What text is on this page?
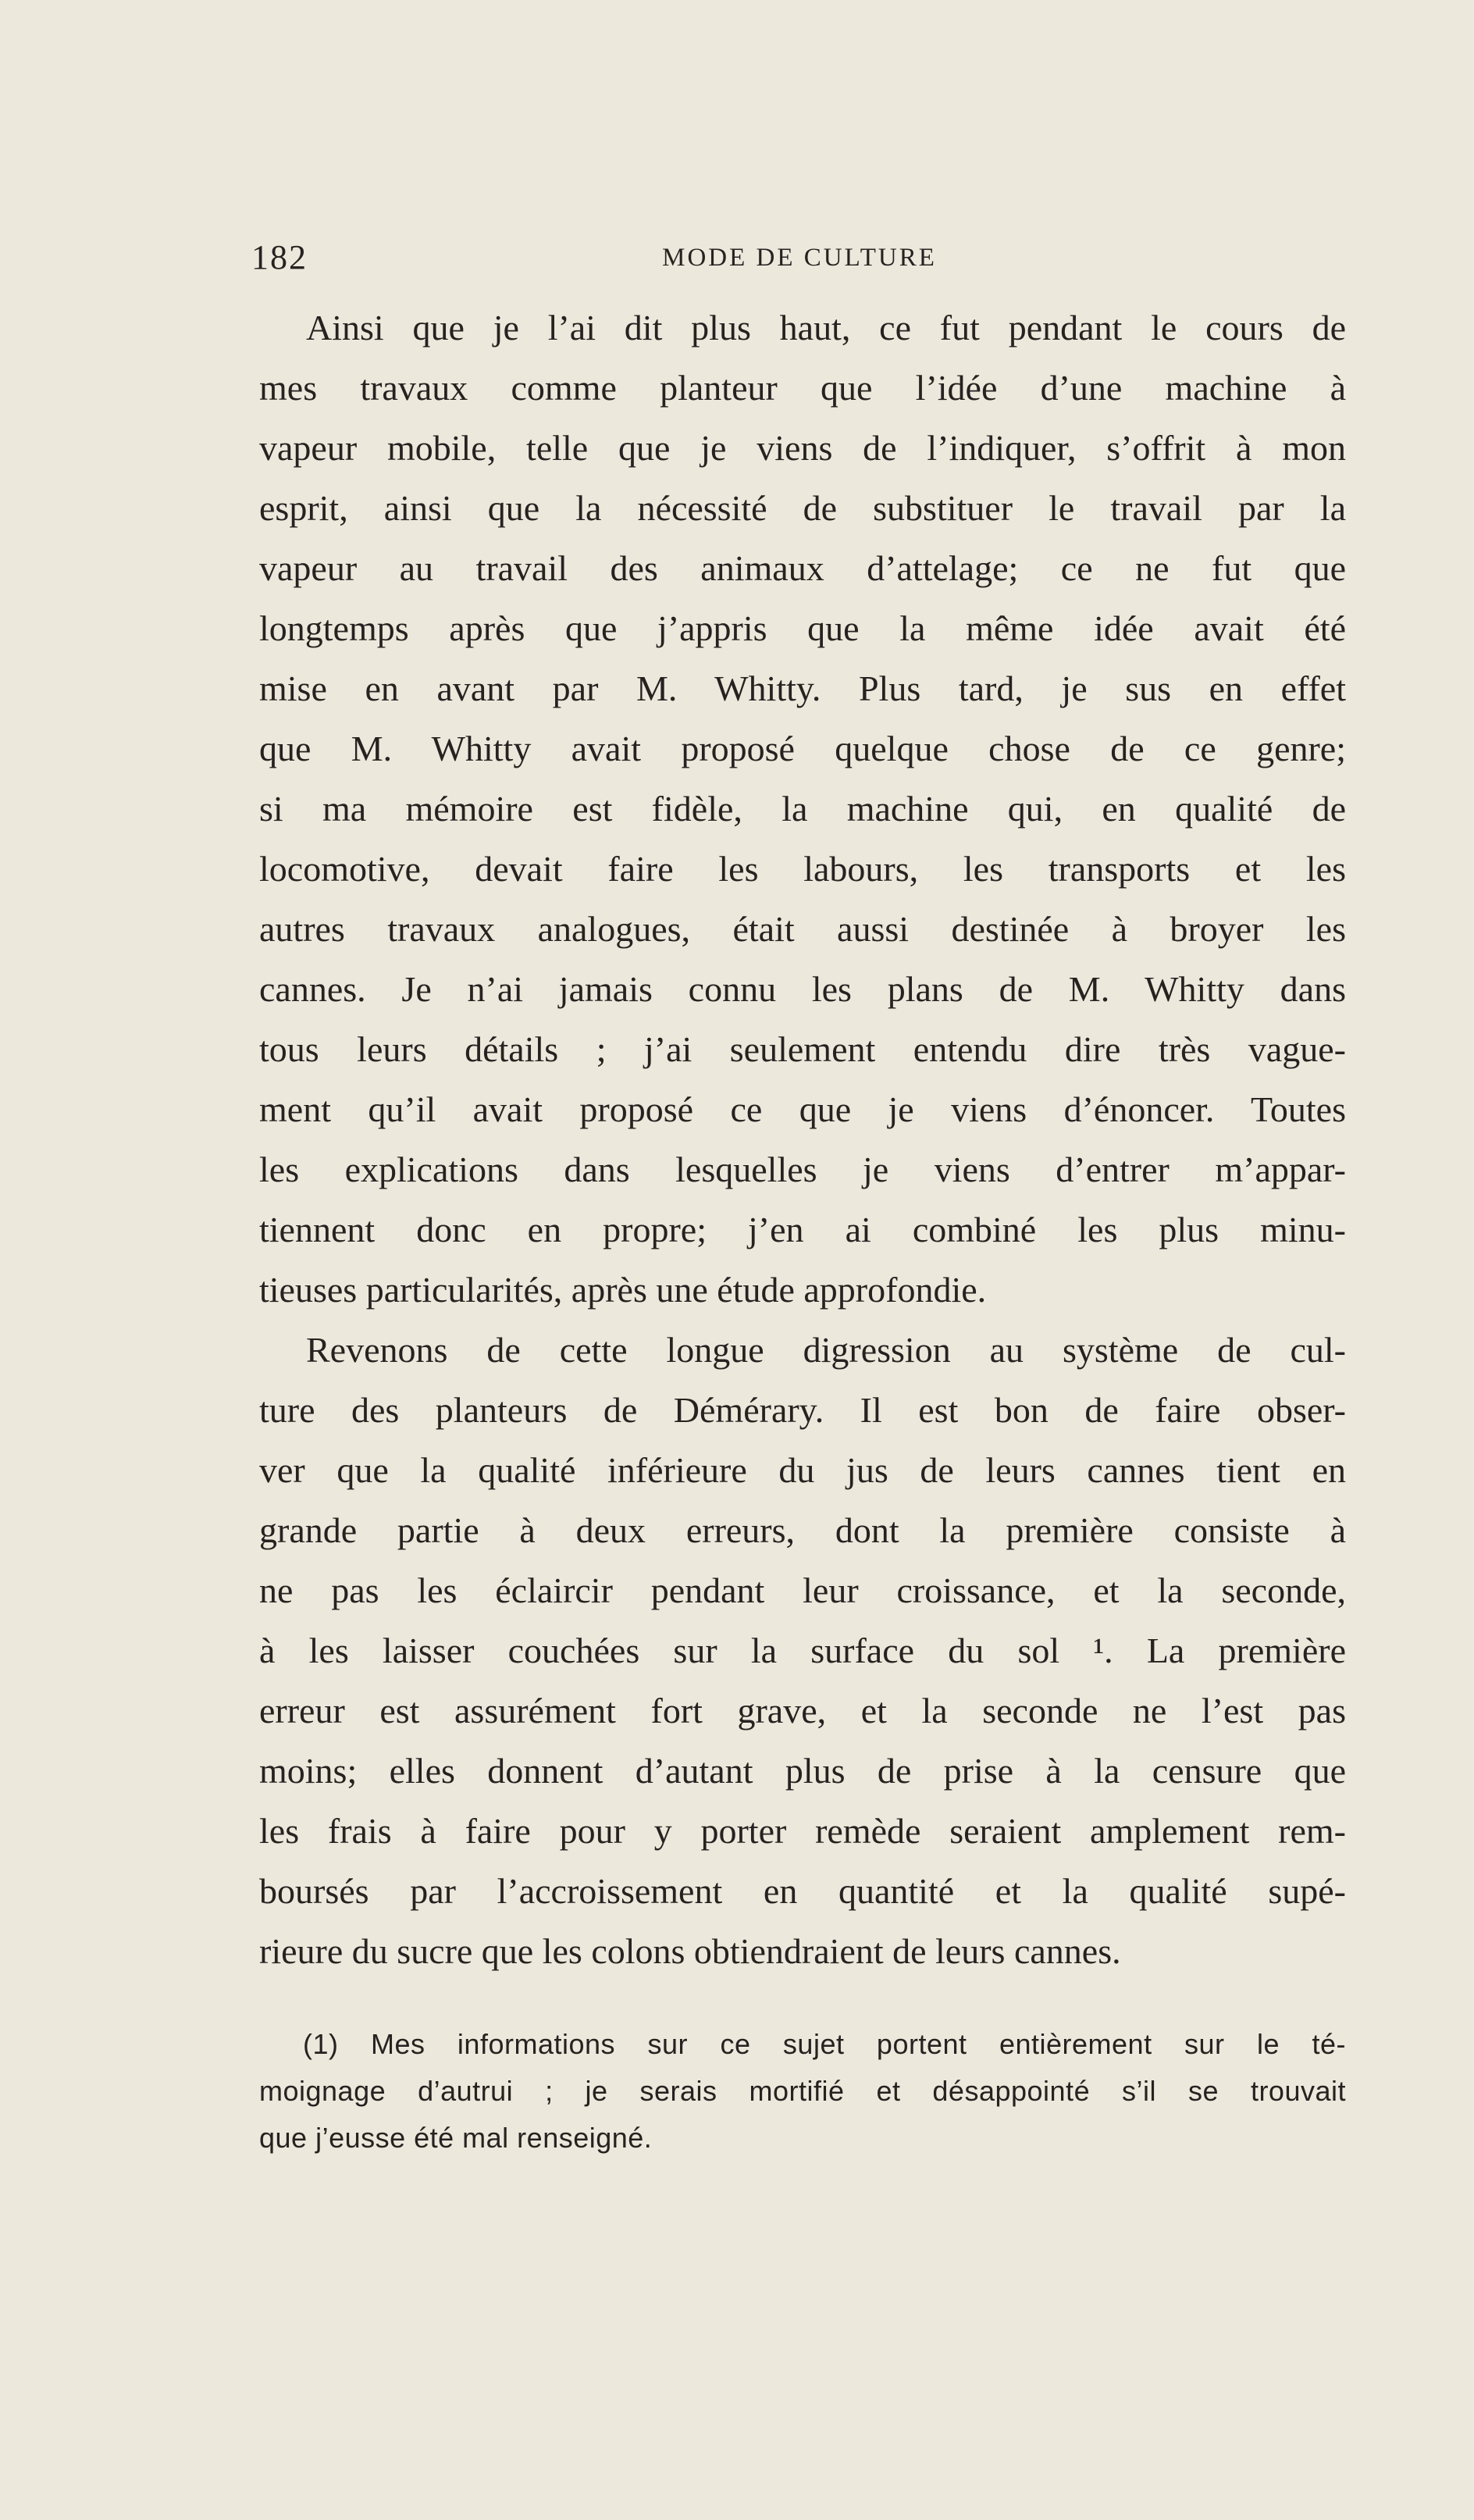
182	MODE DE CULTURE
Ainsi que je l’ai dit plus haut, ce fut pendant le cours de
mes travaux comme planteur que l’idée d’une machine à
vapeur mobile, telle que je viens de l’indiquer, s’offrit à mon
esprit, ainsi que la nécessité de substituer le travail par la
vapeur au travail des animaux d’attelage; ce ne fut que
longtemps après que j’appris que la même idée avait été
mise en avant par M. Whitty. Plus tard, je sus en effet
que M. Whitty avait proposé quelque chose de ce genre;
si ma mémoire est fidèle, la machine qui, en qualité de
locomotive, devait faire les labours, les transports et les
autres travaux analogues, était aussi destinée à broyer les
cannes. Je n’ai jamais connu les plans de M. Whitty dans
tous leurs détails ; j’ai seulement entendu dire très vague-
ment qu’il avait proposé ce que je viens d’énoncer. Toutes
les explications dans lesquelles je viens d’entrer m’appar-
tiennent donc en propre; j’en ai combiné les plus minu-
tieuses particularités, après une étude approfondie.
Revenons de cette longue digression au système de cul-
ture des planteurs de Démérary. Il est bon de faire obser-
ver que la qualité inférieure du jus de leurs cannes tient en
grande partie à deux erreurs, dont la première consiste à
ne pas les éclaircir pendant leur croissance, et la seconde,
à les laisser couchées sur la surface du sol ¹. La première
erreur est assurément fort grave, et la seconde ne l’est pas
moins; elles donnent d’autant plus de prise à la censure que
les frais à faire pour y porter remède seraient amplement rem-
boursés par l’accroissement en quantité et la qualité supé-
rieure du sucre que les colons obtiendraient de leurs cannes.
(1) Mes informations sur ce sujet portent entièrement sur le té-
moignage d’autrui ; je serais mortifié et désappointé s’il se trouvait
que j’eusse été mal renseigné.
